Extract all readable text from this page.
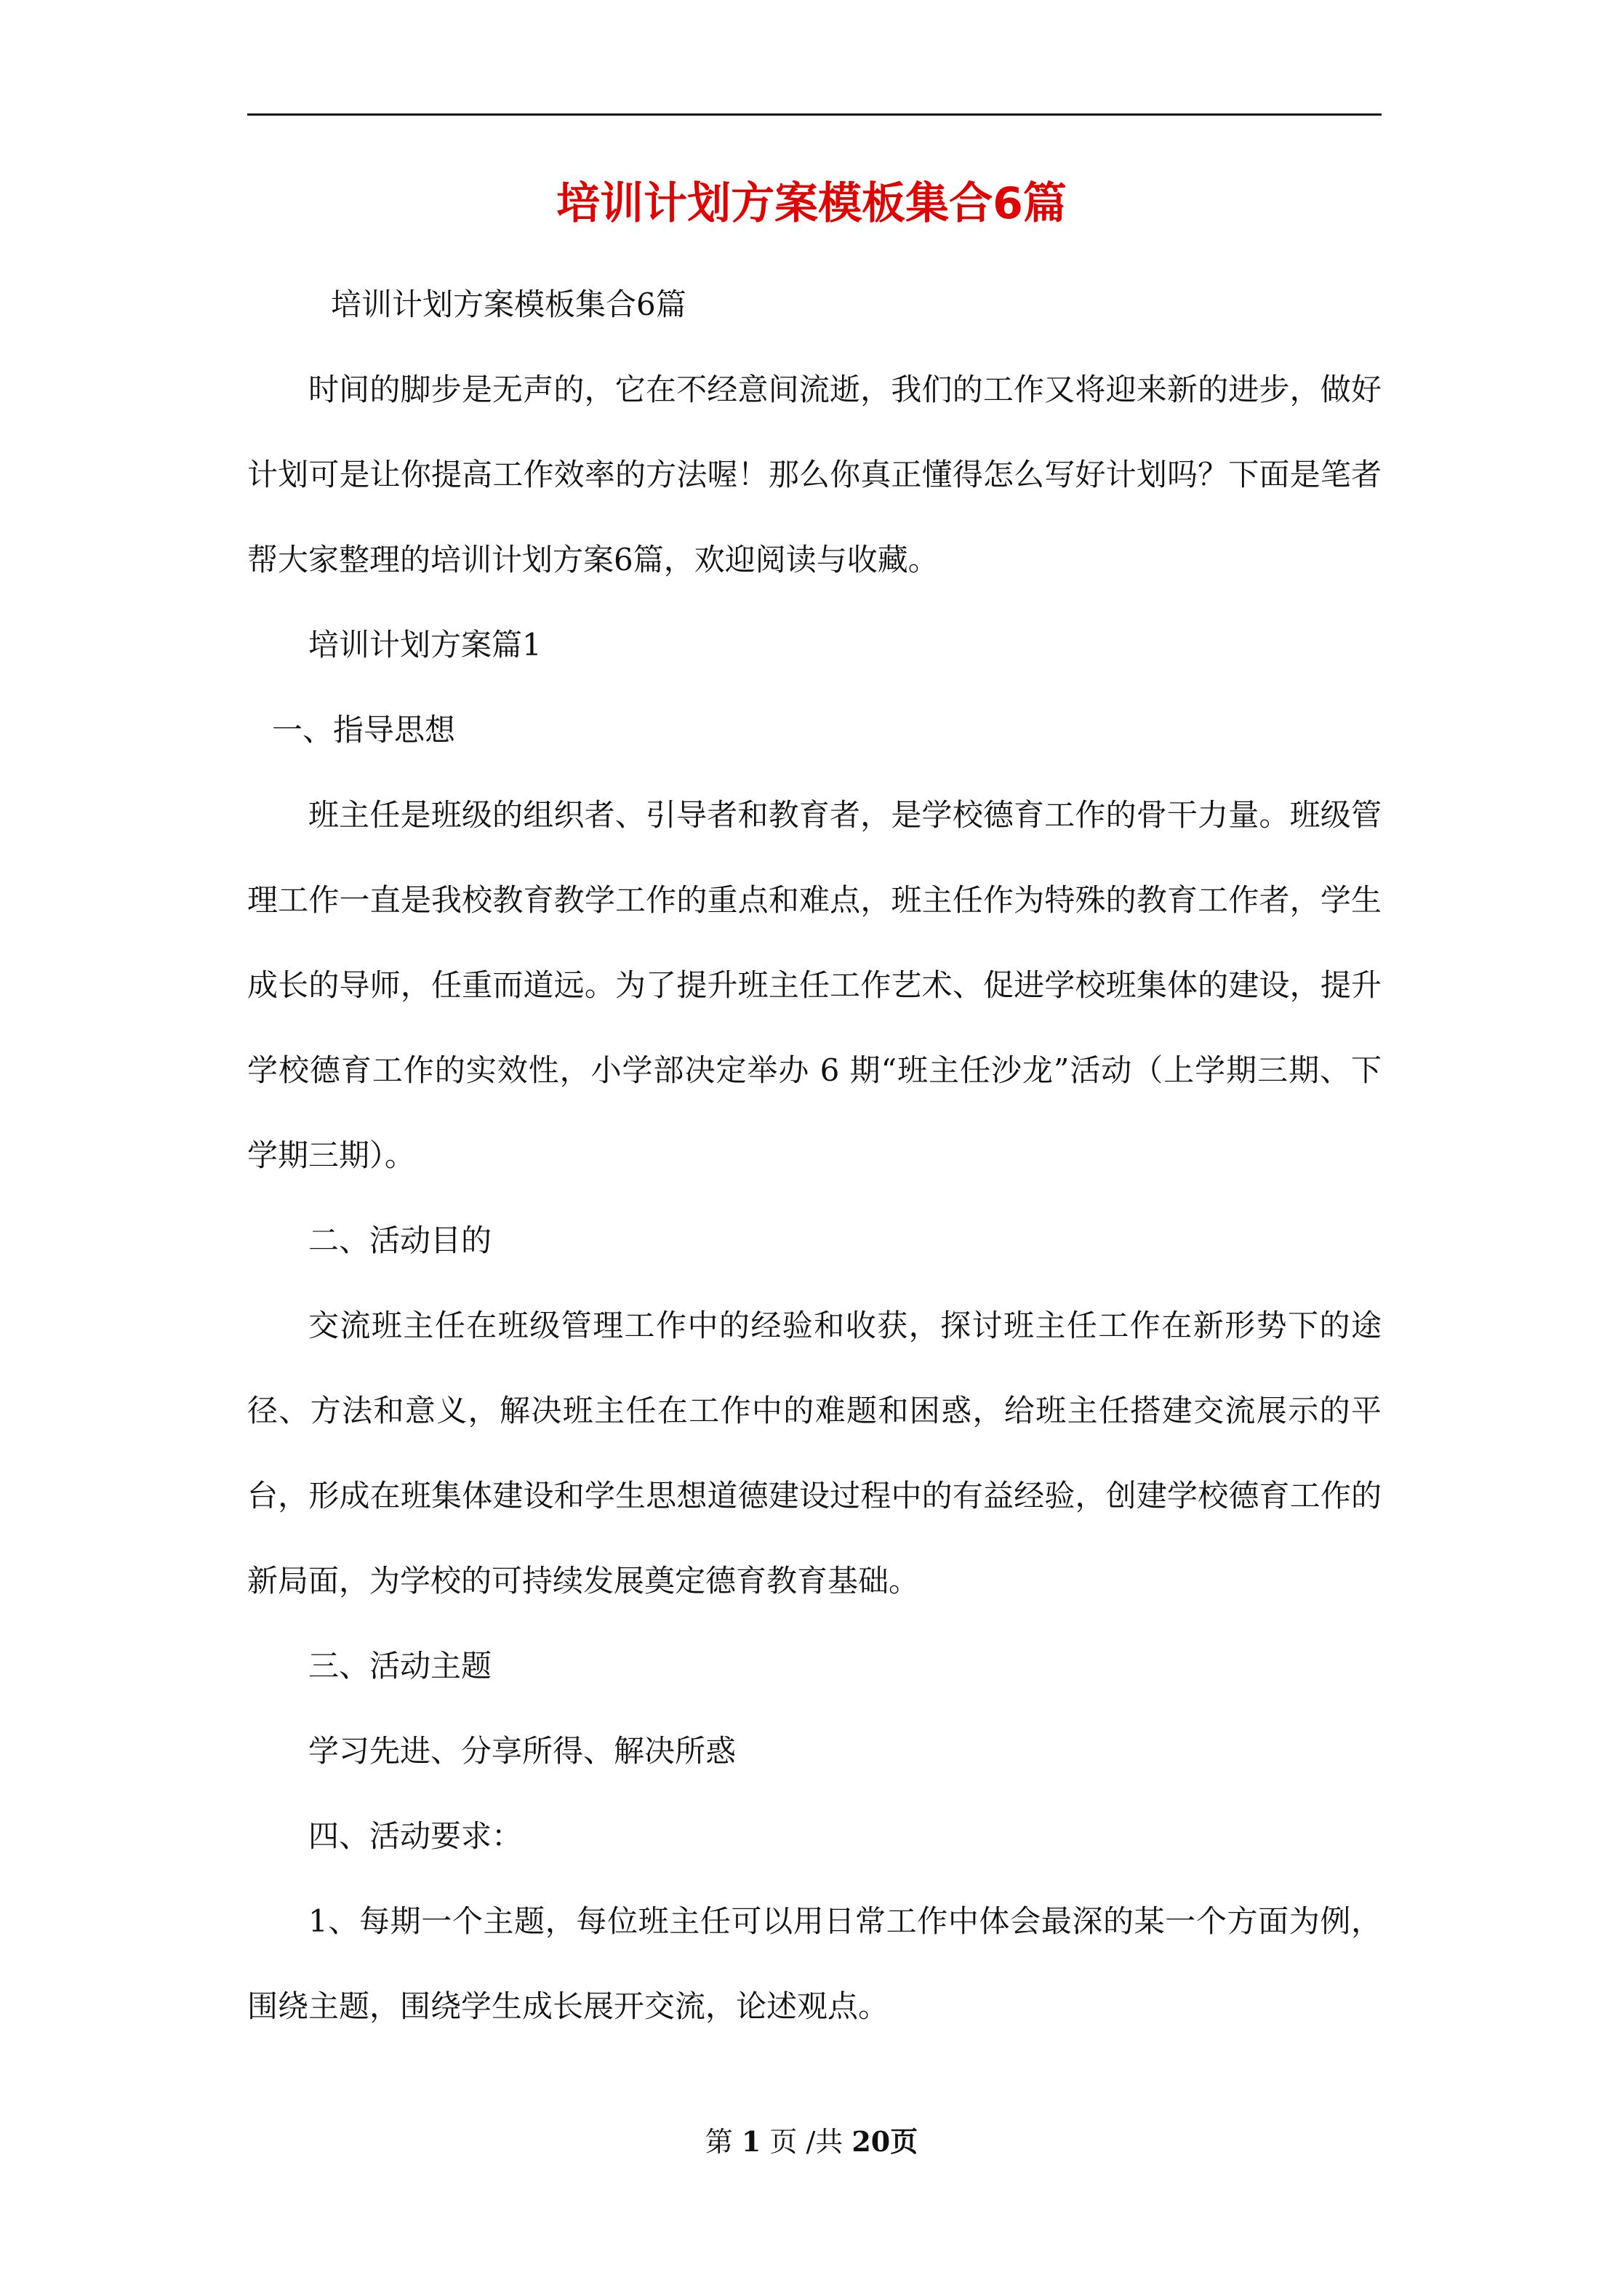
培训计划方案模板集合6篇

培训计划方案模板集合6篇

时间的脚步是无声的，它在不经意间流逝，我们的工作又将迎来新的进步，做好计划可是让你提高工作效率的方法喔！那么你真正懂得怎么写好计划吗？下面是笔者帮大家整理的培训计划方案6篇，欢迎阅读与收藏。

培训计划方案篇1

一、指导思想

班主任是班级的组织者、引导者和教育者，是学校德育工作的骨干力量。班级管理工作一直是我校教育教学工作的重点和难点，班主任作为特殊的教育工作者，学生成长的导师，任重而道远。为了提升班主任工作艺术、促进学校班集体的建设，提升学校德育工作的实效性，小学部决定举办 6 期“班主任沙龙”活动（上学期三期、下学期三期）。

二、活动目的

交流班主任在班级管理工作中的经验和收获，探讨班主任工作在新形势下的途径、方法和意义，解决班主任在工作中的难题和困惑，给班主任搭建交流展示的平台，形成在班集体建设和学生思想道德建设过程中的有益经验，创建学校德育工作的新局面，为学校的可持续发展奠定德育教育基础。

三、活动主题

学习先进、分享所得、解决所惑

四、活动要求：

1、每期一个主题，每位班主任可以用日常工作中体会最深的某一个方面为例，围绕主题，围绕学生成长展开交流，论述观点。

第 1 页 /共 20页
